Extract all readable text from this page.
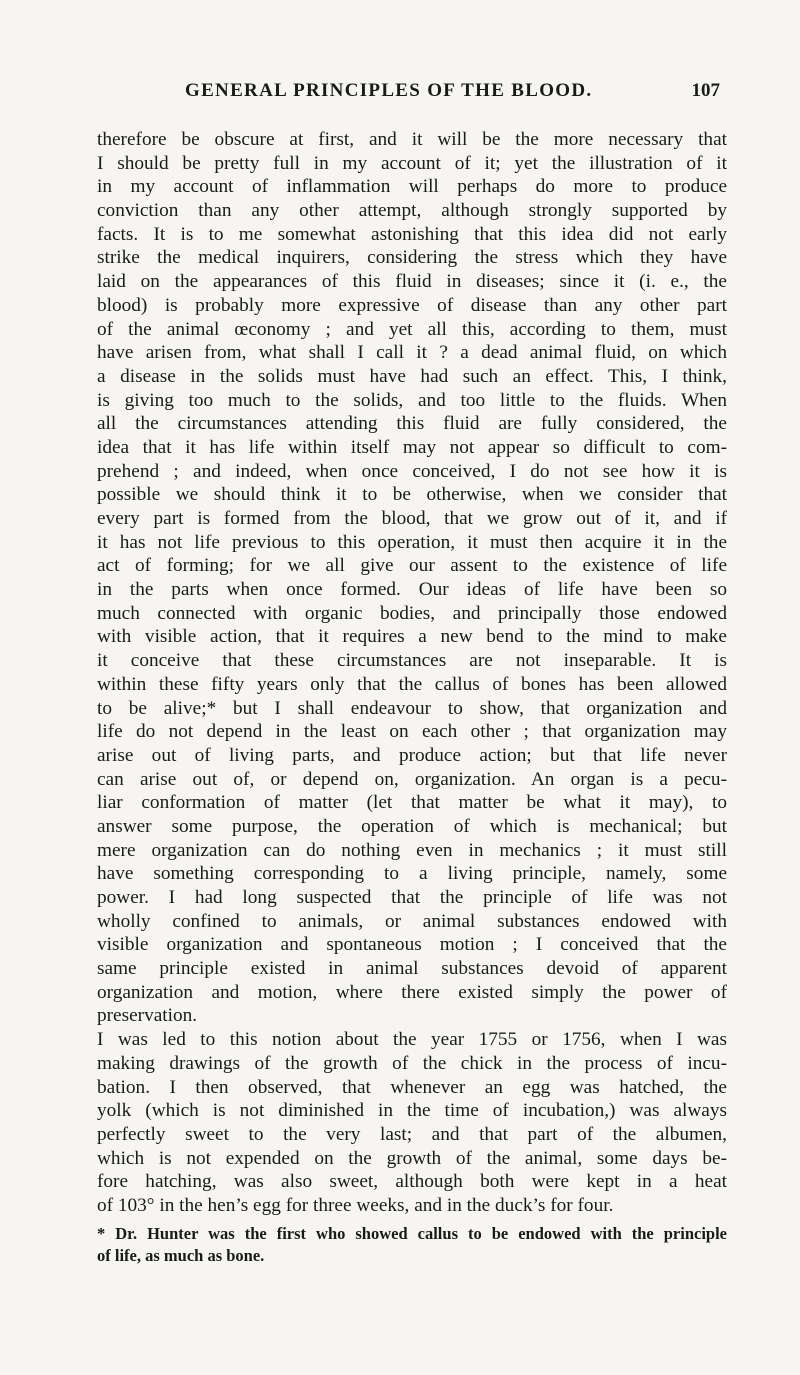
GENERAL PRINCIPLES OF THE BLOOD.	107
therefore be obscure at first, and it will be the more necessary that
I should be pretty full in my account of it; yet the illustration of it
in my account of inflammation will perhaps do more to produce
conviction than any other attempt, although strongly supported by
facts. It is to me somewhat astonishing that this idea did not early
strike the medical inquirers, considering the stress which they have
laid on the appearances of this fluid in diseases; since it (i. e., the
blood) is probably more expressive of disease than any other part
of the animal œconomy ; and yet all this, according to them, must
have arisen from, what shall I call it ? a dead animal fluid, on which
a disease in the solids must have had such an effect. This, I think,
is giving too much to the solids, and too little to the fluids. When
all the circumstances attending this fluid are fully considered, the
idea that it has life within itself may not appear so difficult to com-
prehend ; and indeed, when once conceived, I do not see how it is
possible we should think it to be otherwise, when we consider that
every part is formed from the blood, that we grow out of it, and if
it has not life previous to this operation, it must then acquire it in the
act of forming; for we all give our assent to the existence of life
in the parts when once formed. Our ideas of life have been so
much connected with organic bodies, and principally those endowed
with visible action, that it requires a new bend to the mind to make
it conceive that these circumstances are not inseparable. It is
within these fifty years only that the callus of bones has been allowed
to be alive;* but I shall endeavour to show, that organization and
life do not depend in the least on each other ; that organization may
arise out of living parts, and produce action; but that life never
can arise out of, or depend on, organization. An organ is a pecu-
liar conformation of matter (let that matter be what it may), to
answer some purpose, the operation of which is mechanical; but
mere organization can do nothing even in mechanics ; it must still
have something corresponding to a living principle, namely, some
power. I had long suspected that the principle of life was not
wholly confined to animals, or animal substances endowed with
visible organization and spontaneous motion ; I conceived that the
same principle existed in animal substances devoid of apparent
organization and motion, where there existed simply the power of
preservation.
I was led to this notion about the year 1755 or 1756, when I was
making drawings of the growth of the chick in the process of incu-
bation. I then observed, that whenever an egg was hatched, the
yolk (which is not diminished in the time of incubation,) was always
perfectly sweet to the very last; and that part of the albumen,
which is not expended on the growth of the animal, some days be-
fore hatching, was also sweet, although both were kept in a heat
of 103° in the hen’s egg for three weeks, and in the duck’s for four.
* Dr. Hunter was the first who showed callus to be endowed with the principle
of life, as much as bone.
